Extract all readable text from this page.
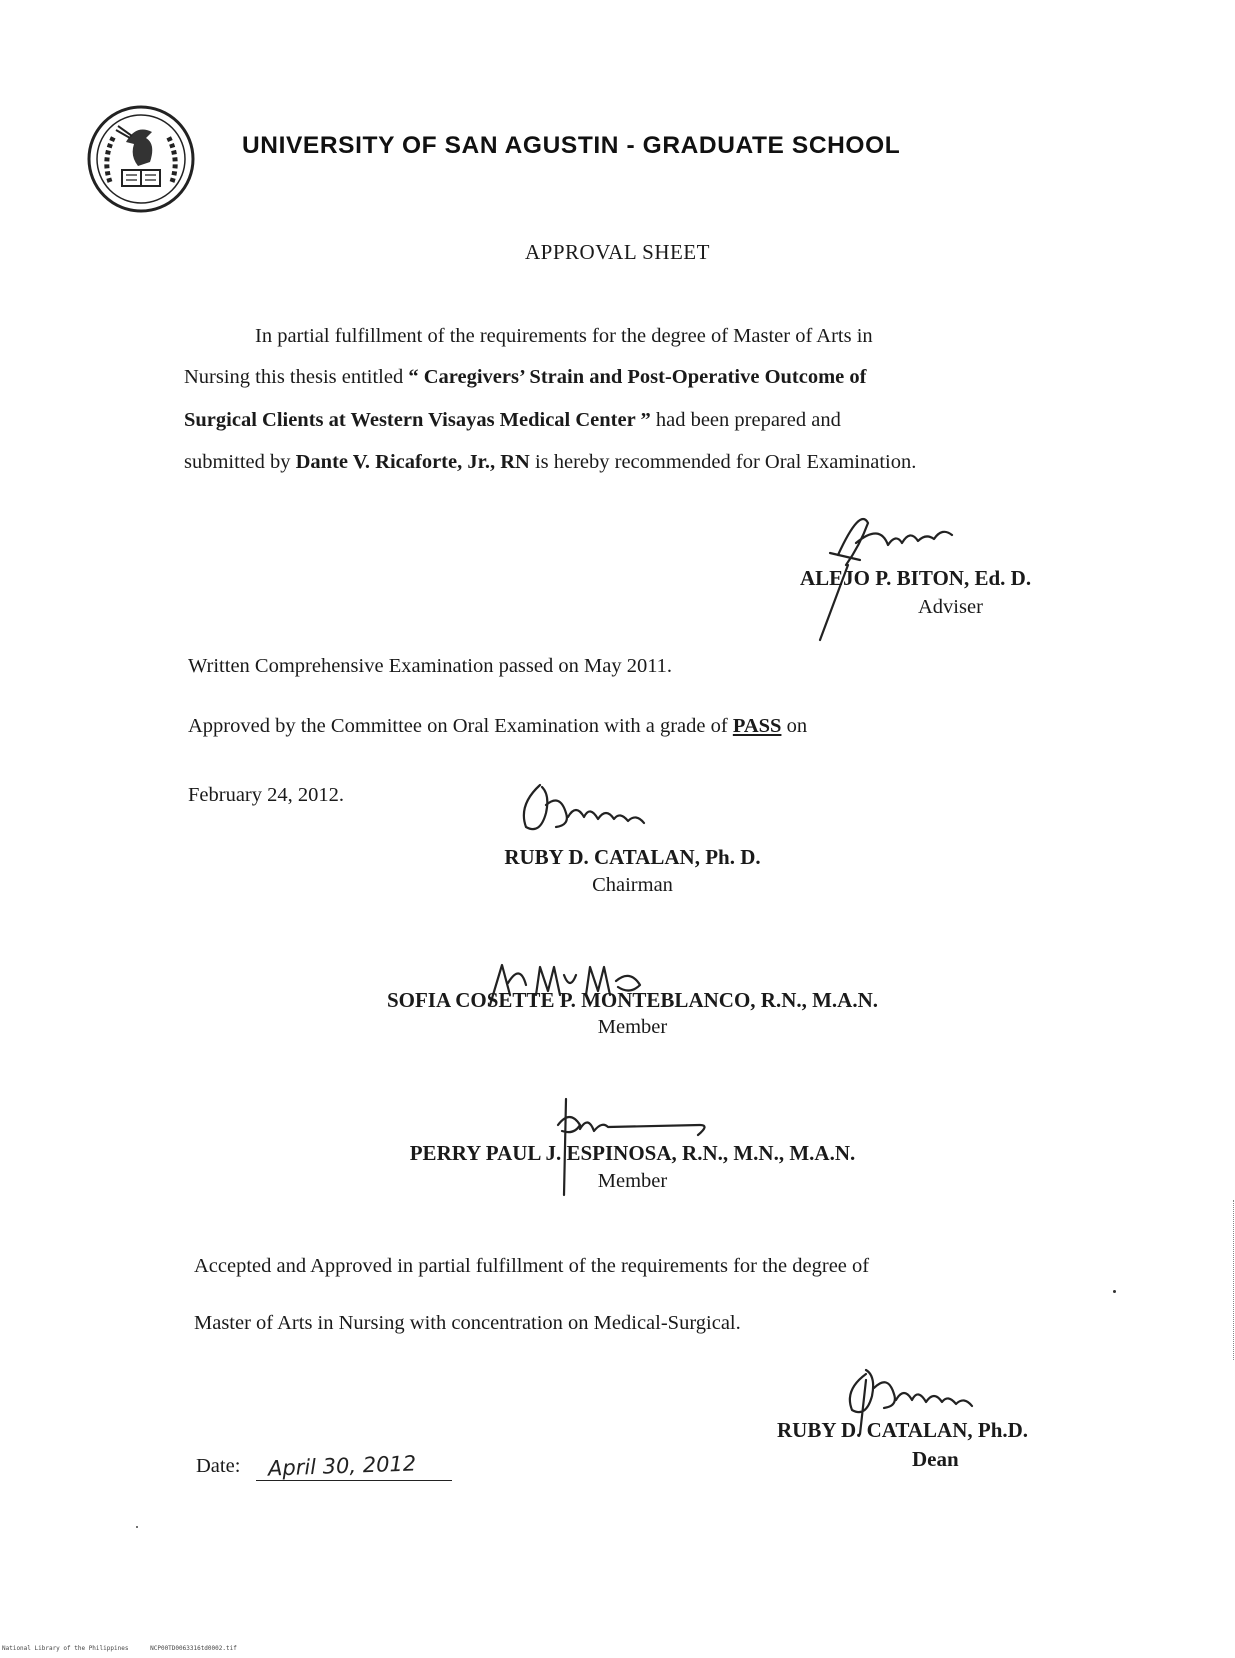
UNIVERSITY OF SAN AGUSTIN - GRADUATE SCHOOL
APPROVAL SHEET
In partial fulfillment of the requirements for the degree of Master of Arts in
Nursing this thesis entitled “ Caregivers’ Strain and Post-Operative Outcome of
Surgical Clients at Western Visayas Medical Center ” had been prepared and
submitted by Dante V. Ricaforte, Jr., RN is hereby recommended for Oral Examination.
ALEJO P. BITON, Ed. D.
Adviser
Written Comprehensive Examination passed on May 2011.
Approved by the Committee on Oral Examination with a grade of PASS on
February 24, 2012.
RUBY D. CATALAN, Ph. D.
Chairman
SOFIA COSETTE P. MONTEBLANCO, R.N., M.A.N.
Member
PERRY PAUL J. ESPINOSA, R.N., M.N., M.A.N.
Member
Accepted and Approved in partial fulfillment of the requirements for the degree of
Master of Arts in Nursing with concentration on Medical-Surgical.
RUBY D. CATALAN, Ph.D.
Dean
Date: April 30, 2012
National Library of the Philippines	NCP00TD0063316td0002.tif
